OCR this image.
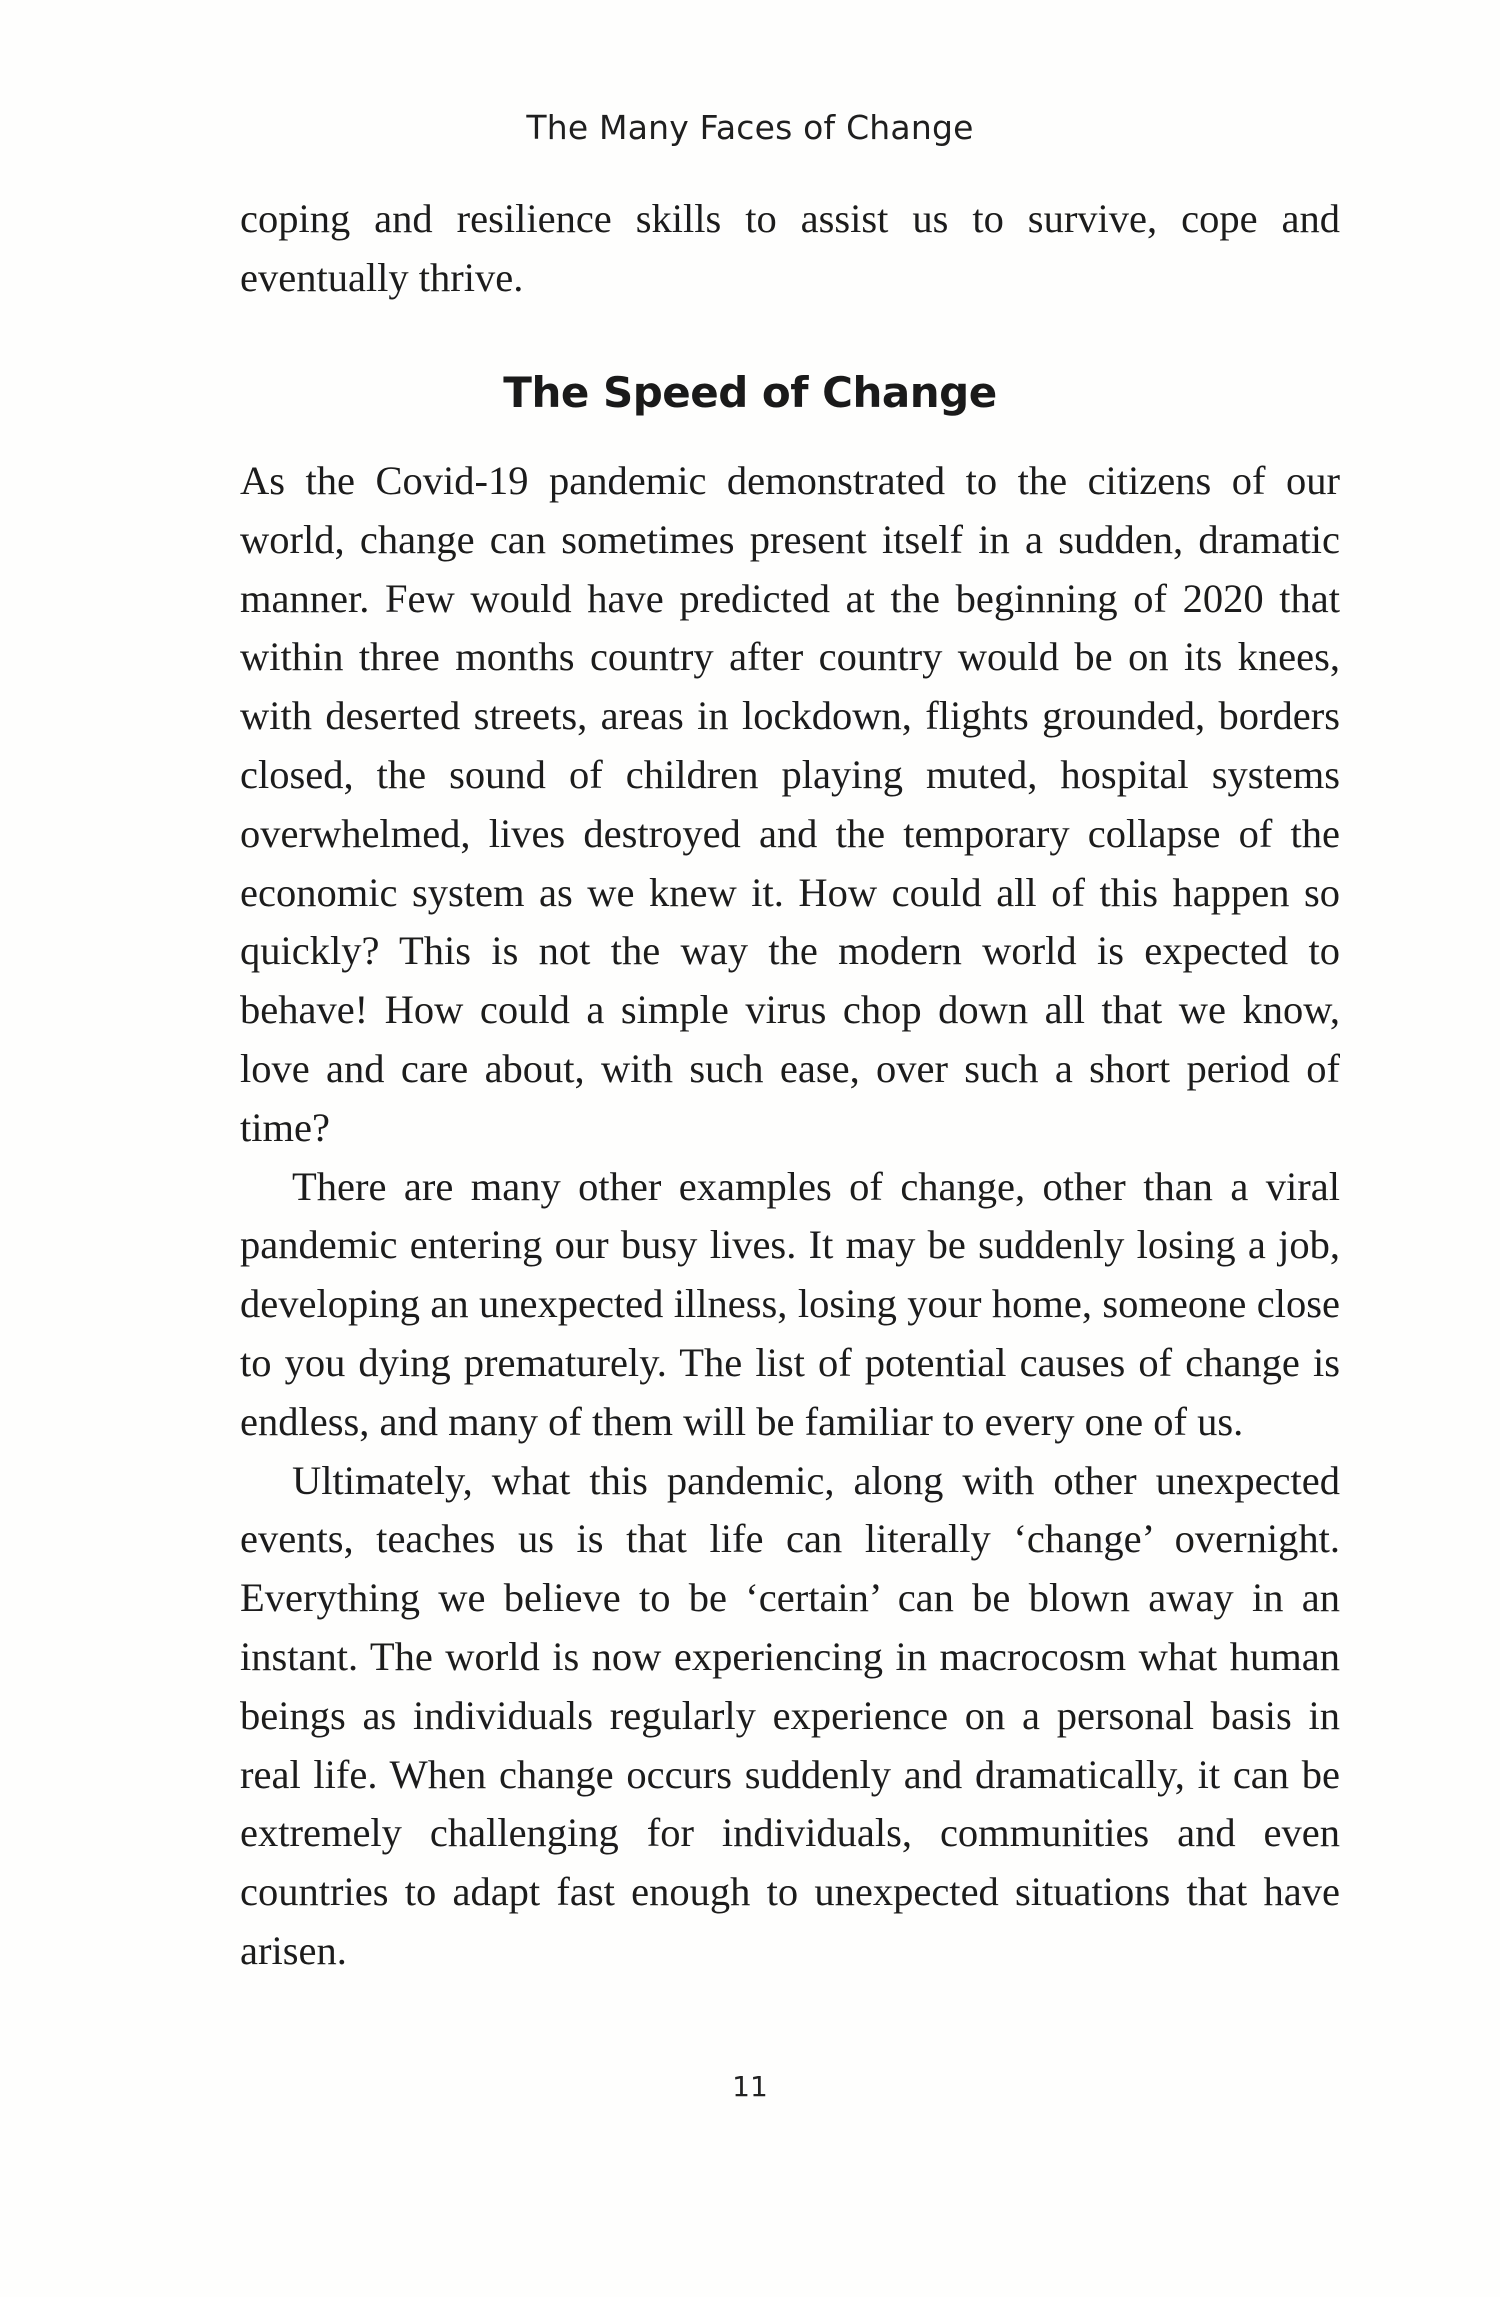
The Many Faces of Change

coping and resilience skills to assist us to survive, cope and eventually thrive.

The Speed of Change

As the Covid-19 pandemic demonstrated to the citizens of our world, change can sometimes present itself in a sudden, dramatic manner. Few would have predicted at the beginning of 2020 that within three months country after country would be on its knees, with deserted streets, areas in lockdown, flights grounded, borders closed, the sound of children playing muted, hospital systems overwhelmed, lives destroyed and the temporary collapse of the economic system as we knew it. How could all of this happen so quickly? This is not the way the modern world is expected to behave! How could a simple virus chop down all that we know, love and care about, with such ease, over such a short period of time?

There are many other examples of change, other than a viral pandemic entering our busy lives. It may be suddenly losing a job, developing an unexpected illness, losing your home, someone close to you dying prematurely. The list of potential causes of change is endless, and many of them will be familiar to every one of us.

Ultimately, what this pandemic, along with other unexpected events, teaches us is that life can literally ‘change’ overnight. Everything we believe to be ‘certain’ can be blown away in an instant. The world is now experiencing in macrocosm what human beings as individuals regularly experience on a personal basis in real life. When change occurs suddenly and dramatically, it can be extremely challenging for individuals, communities and even countries to adapt fast enough to unexpected situations that have arisen.

11
